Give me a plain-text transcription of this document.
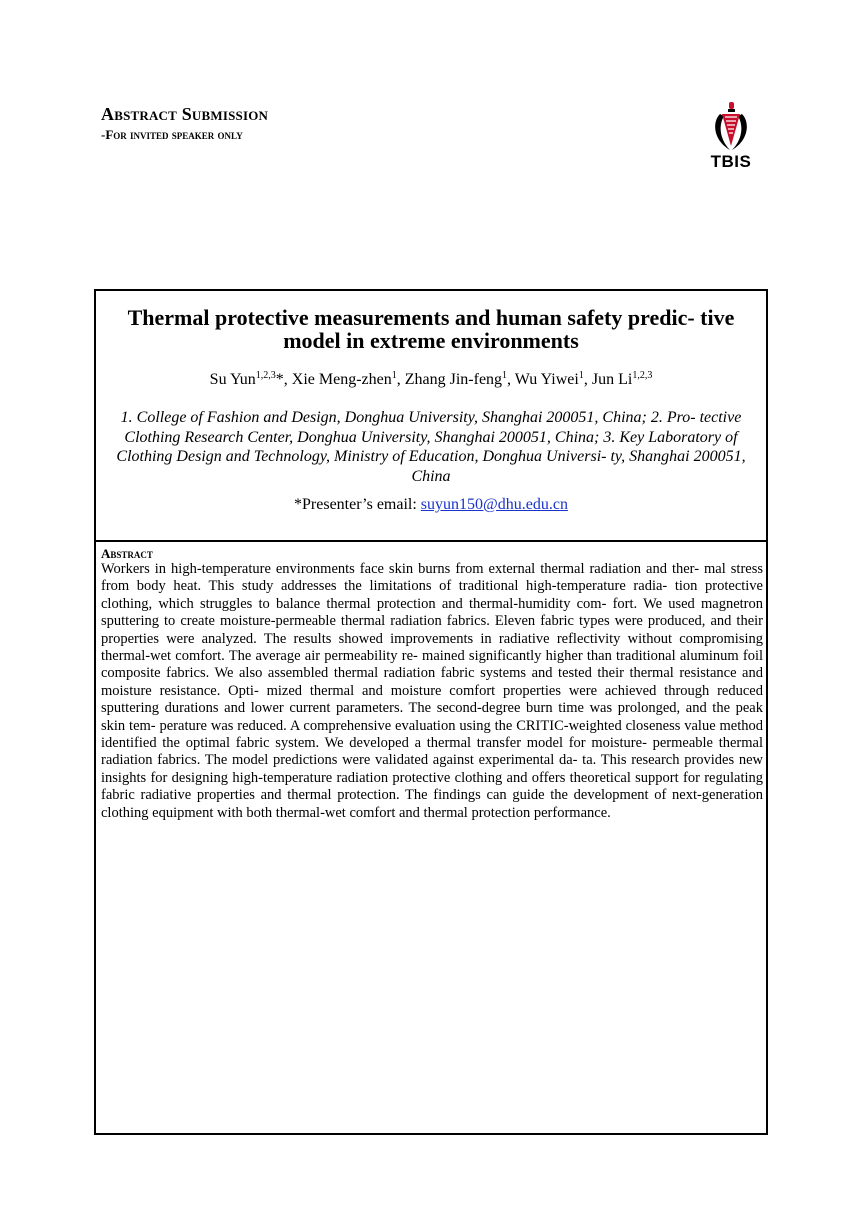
Abstract Submission
-For invited speaker only
TBIS
Thermal protective measurements and human safety predic- tive model in extreme environments
Su Yun$^{1,2,3}$*, Xie Meng-zhen$^1$, Zhang Jin-feng$^1$, Wu Yiwei$^1$, Jun Li$^{1,2,3}$
1. College of Fashion and Design, Donghua University, Shanghai 200051, China; 2. Pro- tective Clothing Research Center, Donghua University, Shanghai 200051, China; 3. Key Laboratory of Clothing Design and Technology, Ministry of Education, Donghua Universi- ty, Shanghai 200051, China
*Presenter’s email: suyun150@dhu.edu.cn
Abstract
Workers in high-temperature environments face skin burns from external thermal radiation and ther- mal stress from body heat. This study addresses the limitations of traditional high-temperature radia- tion protective clothing, which struggles to balance thermal protection and thermal-humidity com- fort. We used magnetron sputtering to create moisture-permeable thermal radiation fabrics. Eleven fabric types were produced, and their properties were analyzed. The results showed improvements in radiative reflectivity without compromising thermal-wet comfort. The average air permeability re- mained significantly higher than traditional aluminum foil composite fabrics. We also assembled thermal radiation fabric systems and tested their thermal resistance and moisture resistance. Opti- mized thermal and moisture comfort properties were achieved through reduced sputtering durations and lower current parameters. The second-degree burn time was prolonged, and the peak skin tem- perature was reduced. A comprehensive evaluation using the CRITIC-weighted closeness value method identified the optimal fabric system. We developed a thermal transfer model for moisture- permeable thermal radiation fabrics. The model predictions were validated against experimental da- ta. This research provides new insights for designing high-temperature radiation protective clothing and offers theoretical support for regulating fabric radiative properties and thermal protection. The findings can guide the development of next-generation clothing equipment with both thermal-wet comfort and thermal protection performance.
